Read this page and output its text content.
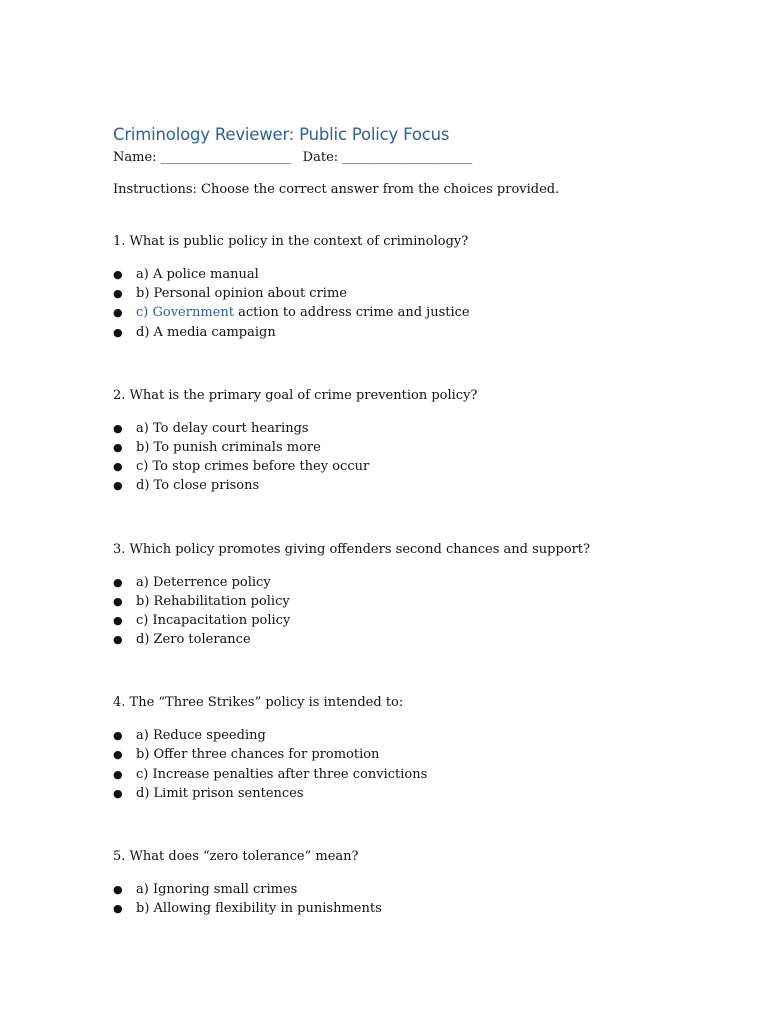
Criminology Reviewer: Public Policy Focus
Name: ____________________ Date: ____________________
Instructions: Choose the correct answer from the choices provided.
1. What is public policy in the context of criminology?
● a) A police manual
● b) Personal opinion about crime
● c) Government action to address crime and justice
● d) A media campaign
2. What is the primary goal of crime prevention policy?
● a) To delay court hearings
● b) To punish criminals more
● c) To stop crimes before they occur
● d) To close prisons
3. Which policy promotes giving offenders second chances and support?
● a) Deterrence policy
● b) Rehabilitation policy
● c) Incapacitation policy
● d) Zero tolerance
4. The “Three Strikes” policy is intended to:
● a) Reduce speeding
● b) Offer three chances for promotion
● c) Increase penalties after three convictions
● d) Limit prison sentences
5. What does “zero tolerance” mean?
● a) Ignoring small crimes
● b) Allowing flexibility in punishments
